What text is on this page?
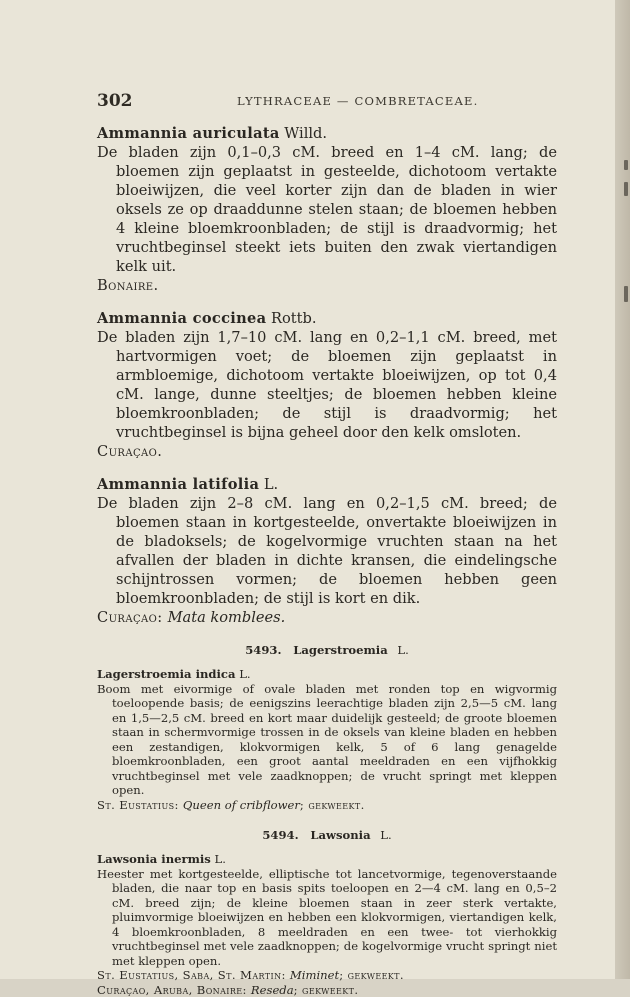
302	LYTHRACEAE — COMBRETACEAE.

Ammannia auriculata Willd.

De bladen zijn 0,1–0,3 cM. breed en 1–4 cM. lang; de bloemen zijn geplaatst in gesteelde, dichotoom vertakte bloeiwijzen, die veel korter zijn dan de bladen in wier oksels ze op draaddunne stelen staan; de bloemen hebben 4 kleine bloemkroonbladen; de stijl is draadvormig; het vruchtbeginsel steekt iets buiten den zwak viertandigen kelk uit.

Bonaire.

Ammannia coccinea Rottb.

De bladen zijn 1,7–10 cM. lang en 0,2–1,1 cM. breed, met hartvormigen voet; de bloemen zijn geplaatst in armbloemige, dichotoom vertakte bloeiwijzen, op tot 0,4 cM. lange, dunne steeltjes; de bloemen hebben kleine bloemkroonbladen; de stijl is draadvormig; het vruchtbeginsel is bijna geheel door den kelk omsloten.

Curaçao.

Ammannia latifolia L.

De bladen zijn 2–8 cM. lang en 0,2–1,5 cM. breed; de bloemen staan in kortgesteelde, onvertakte bloeiwijzen in de bladoksels; de kogelvormige vruchten staan na het afvallen der bladen in dichte kransen, die eindelingsche schijntrossen vormen; de bloemen hebben geen bloemkroonbladen; de stijl is kort en dik.

Curaçao: Mata komblees.

5493. Lagerstroemia L.

Lagerstroemia indica L.

Boom met eivormige of ovale bladen met ronden top en wigvormig toeloopende basis; de eenigszins leerachtige bladen zijn 2,5—5 cM. lang en 1,5—2,5 cM. breed en kort maar duidelijk gesteeld; de groote bloemen staan in schermvormige trossen in de oksels van kleine bladen en hebben een zestandigen, klokvormigen kelk, 5 of 6 lang genagelde bloemkroonbladen, een groot aantal meeldraden en een vijfhokkig vruchtbeginsel met vele zaadknoppen; de vrucht springt met kleppen open.

St. Eustatius: Queen of cribflower; gekweekt.

5494. Lawsonia L.

Lawsonia inermis L.

Heester met kortgesteelde, elliptische tot lancetvormige, tegenoverstaande bladen, die naar top en basis spits toeloopen en 2—4 cM. lang en 0,5–2 cM. breed zijn; de kleine bloemen staan in zeer sterk vertakte, pluimvormige bloeiwijzen en hebben een klokvormigen, viertandigen kelk, 4 bloemkroonbladen, 8 meeldraden en een twee- tot vierhokkig vruchtbeginsel met vele zaadknoppen; de kogelvormige vrucht springt niet met kleppen open.

St. Eustatius, Saba, St. Martin: Miminet; gekweekt.

Curaçao, Aruba, Bonaire: Reseda; gekweekt.
